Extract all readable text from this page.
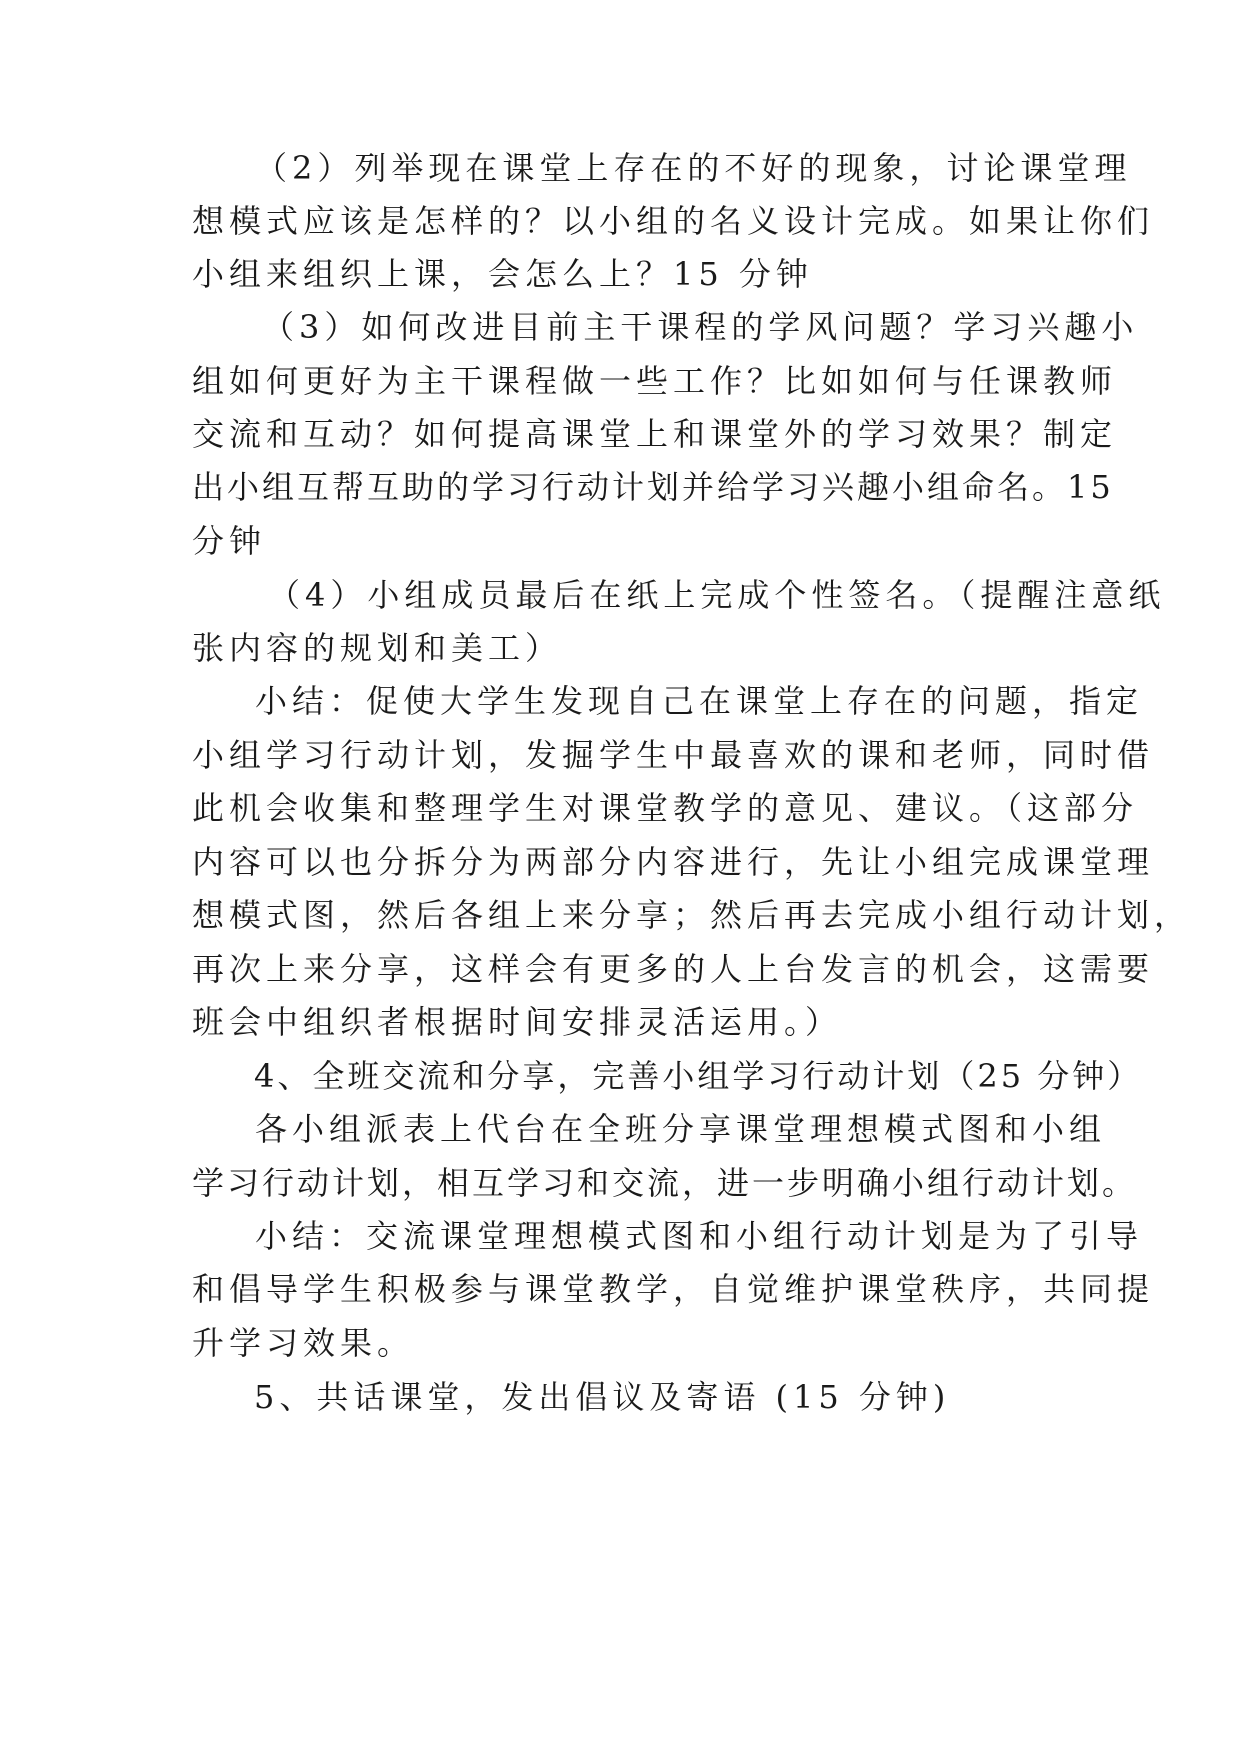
（2）列举现在课堂上存在的不好的现象，讨论课堂理
想模式应该是怎样的？以小组的名义设计完成。如果让你们
小组来组织上课，会怎么上？15 分钟
（3）如何改进目前主干课程的学风问题？学习兴趣小
组如何更好为主干课程做一些工作？比如如何与任课教师
交流和互动？如何提高课堂上和课堂外的学习效果？制定
出小组互帮互助的学习行动计划并给学习兴趣小组命名。15
分钟
（4）小组成员最后在纸上完成个性签名。（提醒注意纸
张内容的规划和美工）
小结：促使大学生发现自己在课堂上存在的问题，指定
小组学习行动计划，发掘学生中最喜欢的课和老师，同时借
此机会收集和整理学生对课堂教学的意见、建议。（这部分
内容可以也分拆分为两部分内容进行，先让小组完成课堂理
想模式图，然后各组上来分享；然后再去完成小组行动计划，
再次上来分享，这样会有更多的人上台发言的机会，这需要
班会中组织者根据时间安排灵活运用。）
4、全班交流和分享，完善小组学习行动计划（25 分钟）
各小组派表上代台在全班分享课堂理想模式图和小组
学习行动计划，相互学习和交流，进一步明确小组行动计划。
小结：交流课堂理想模式图和小组行动计划是为了引导
和倡导学生积极参与课堂教学，自觉维护课堂秩序，共同提
升学习效果。
5、共话课堂，发出倡议及寄语 (15 分钟)
